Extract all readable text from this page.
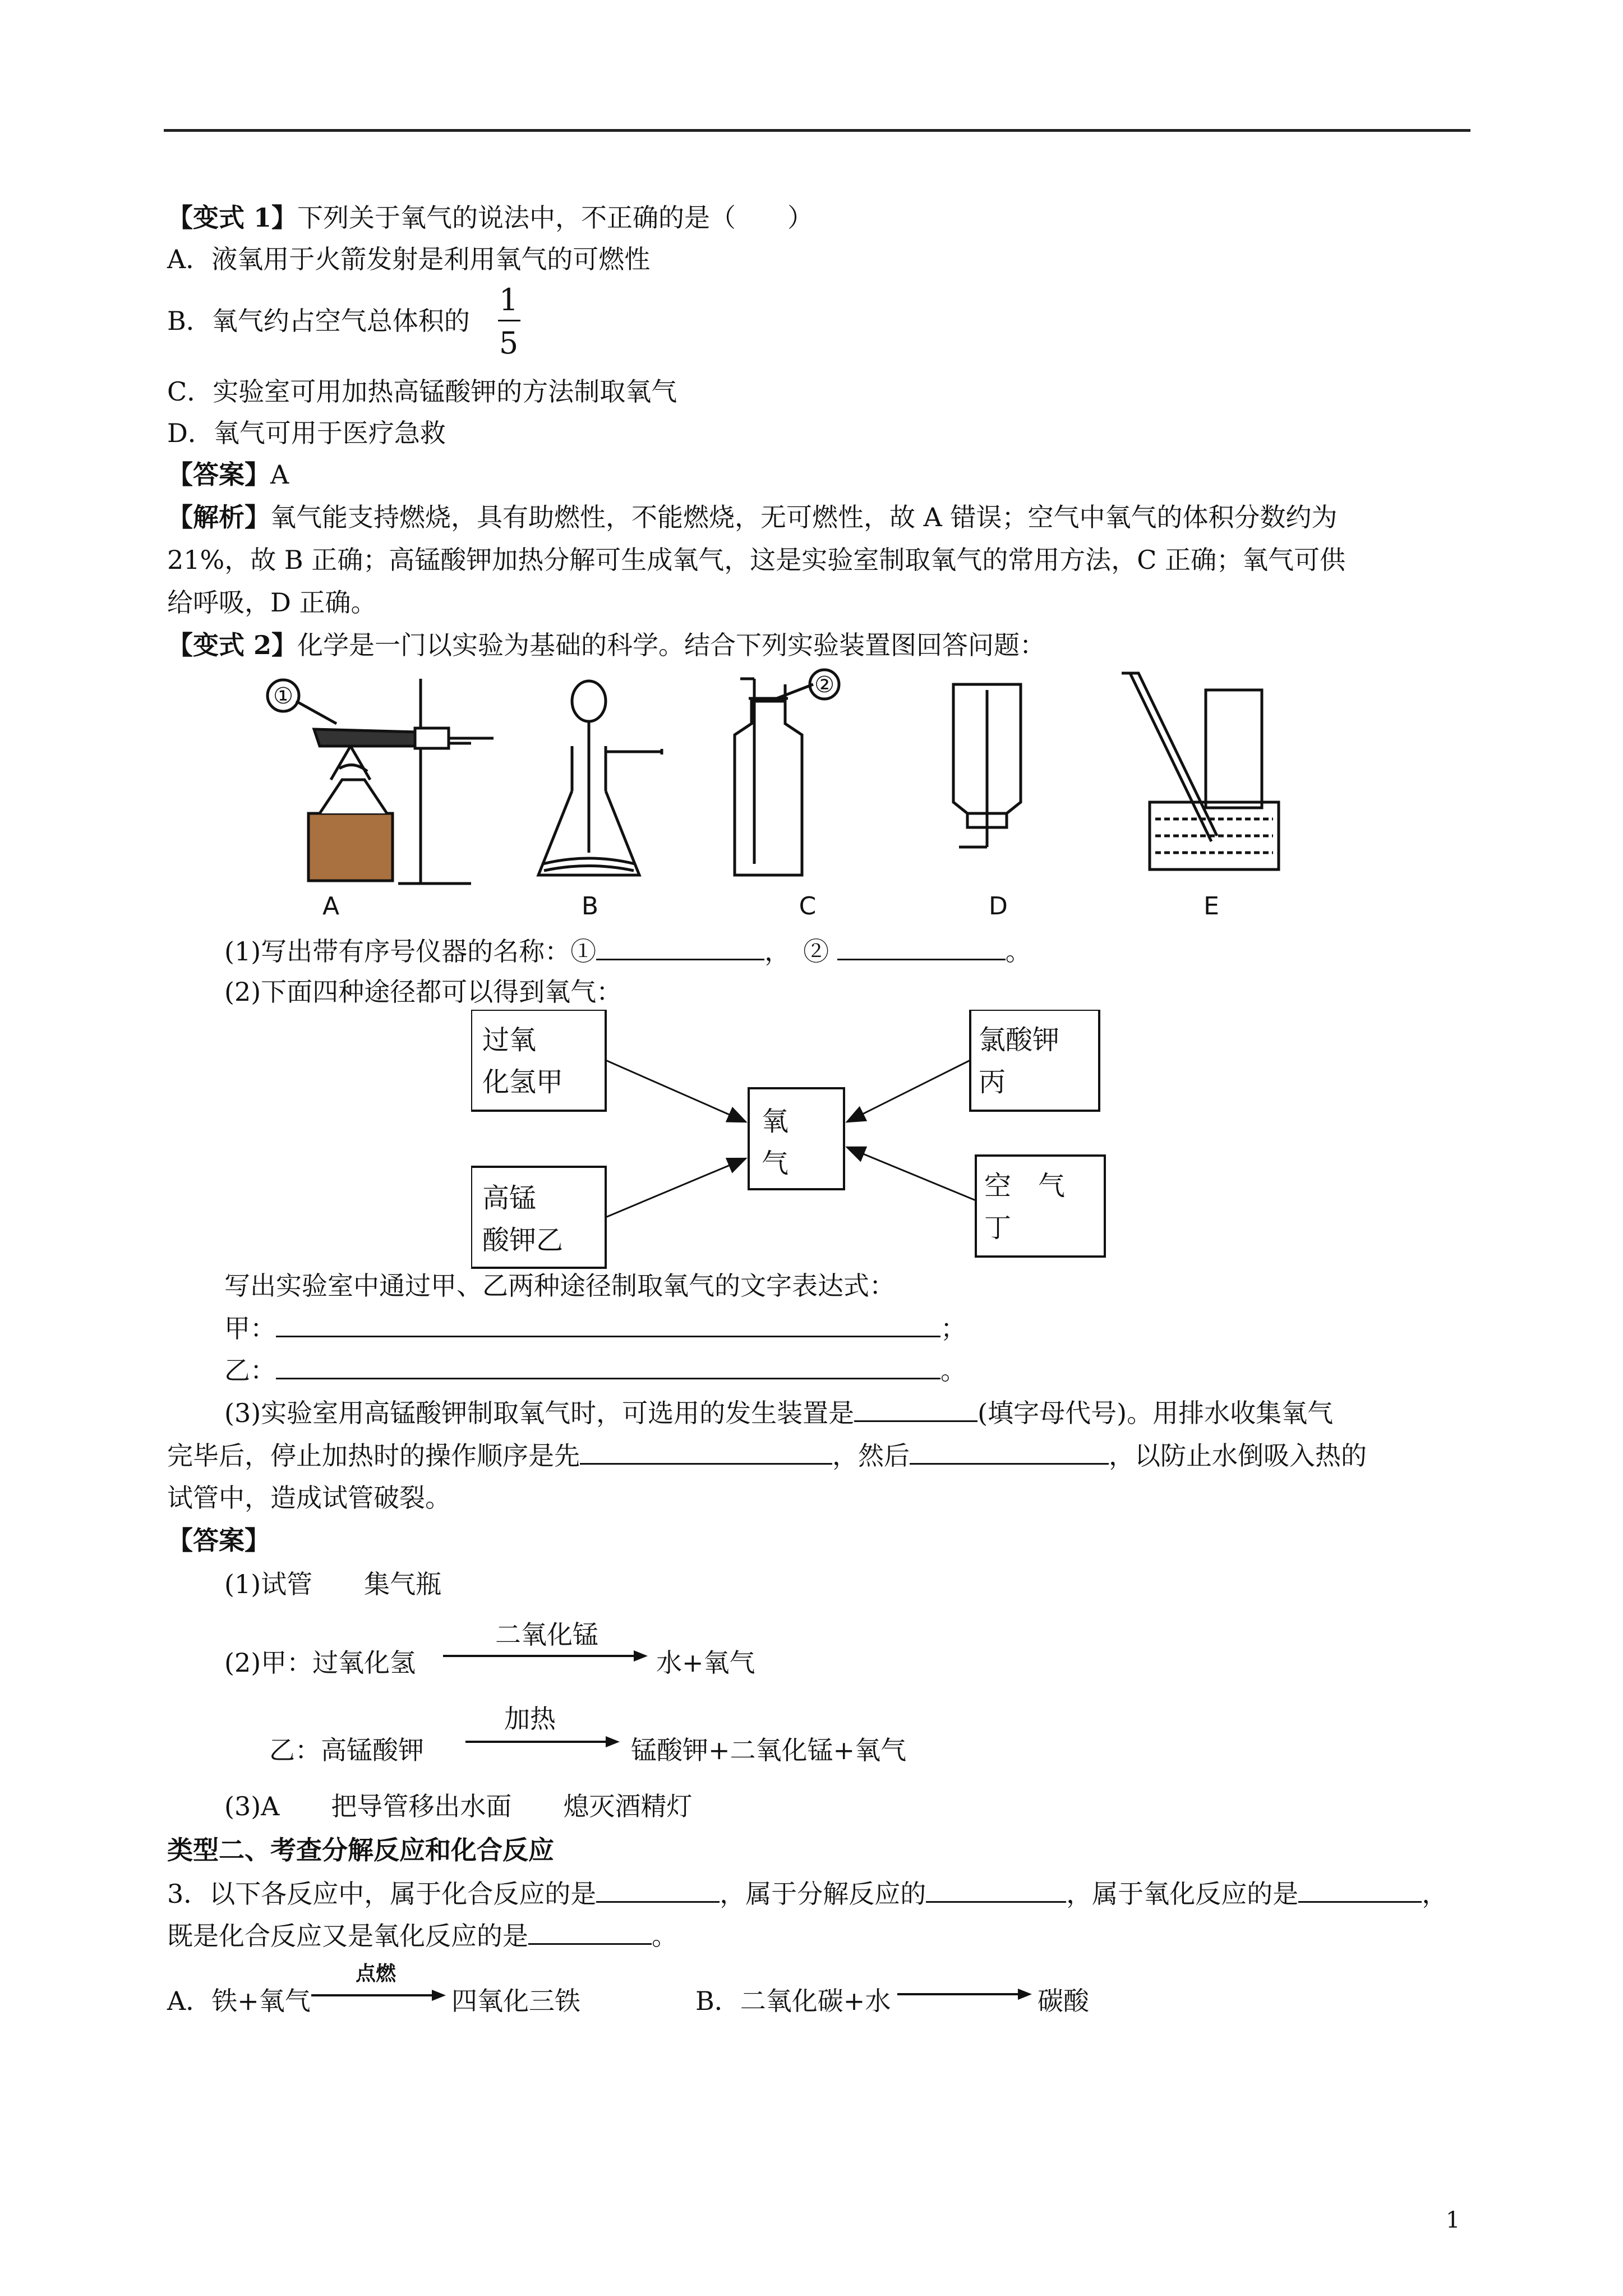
【变式 1】下列关于氧气的说法中，不正确的是（　　）
A．液氧用于火箭发射是利用氧气的可燃性
B．氧气约占空气总体积的
1
5
C．实验室可用加热高锰酸钾的方法制取氧气
D．氧气可用于医疗急救
【答案】A
【解析】氧气能支持燃烧，具有助燃性，不能燃烧，无可燃性，故 A 错误；空气中氧气的体积分数约为
21%，故 B 正确；高锰酸钾加热分解可生成氧气，这是实验室制取氧气的常用方法，C 正确；氧气可供
给呼吸，D 正确。
【变式 2】化学是一门以实验为基础的科学。结合下列实验装置图回答问题：
①	②
A	B	C	D	E
(1)写出带有序号仪器的名称：①	，　②	。
(2)下面四种途径都可以得到氧气：
过氧
化氢甲
高锰
酸钾乙
氧
气
氯酸钾
丙
空　气
丁
写出实验室中通过甲、乙两种途径制取氧气的文字表达式：
甲：	；
乙：	。
(3)实验室用高锰酸钾制取氧气时，可选用的发生装置是	(填字母代号)。用排水收集氧气
完毕后，停止加热时的操作顺序是先	，然后	，以防止水倒吸入热的
试管中，造成试管破裂。
【答案】
(1)试管　　集气瓶
(2)甲：过氧化氢
二氧化锰
水+氧气
乙：高锰酸钾
加热
锰酸钾+二氧化锰+氧气
(3)A　　把导管移出水面　　熄灭酒精灯
类型二、考查分解反应和化合反应
3．以下各反应中，属于化合反应的是	，属于分解反应的	，属于氧化反应的是	，
既是化合反应又是氧化反应的是	。
A．铁+氧气
点燃
四氧化三铁	B．二氧化碳+水	碳酸
1
